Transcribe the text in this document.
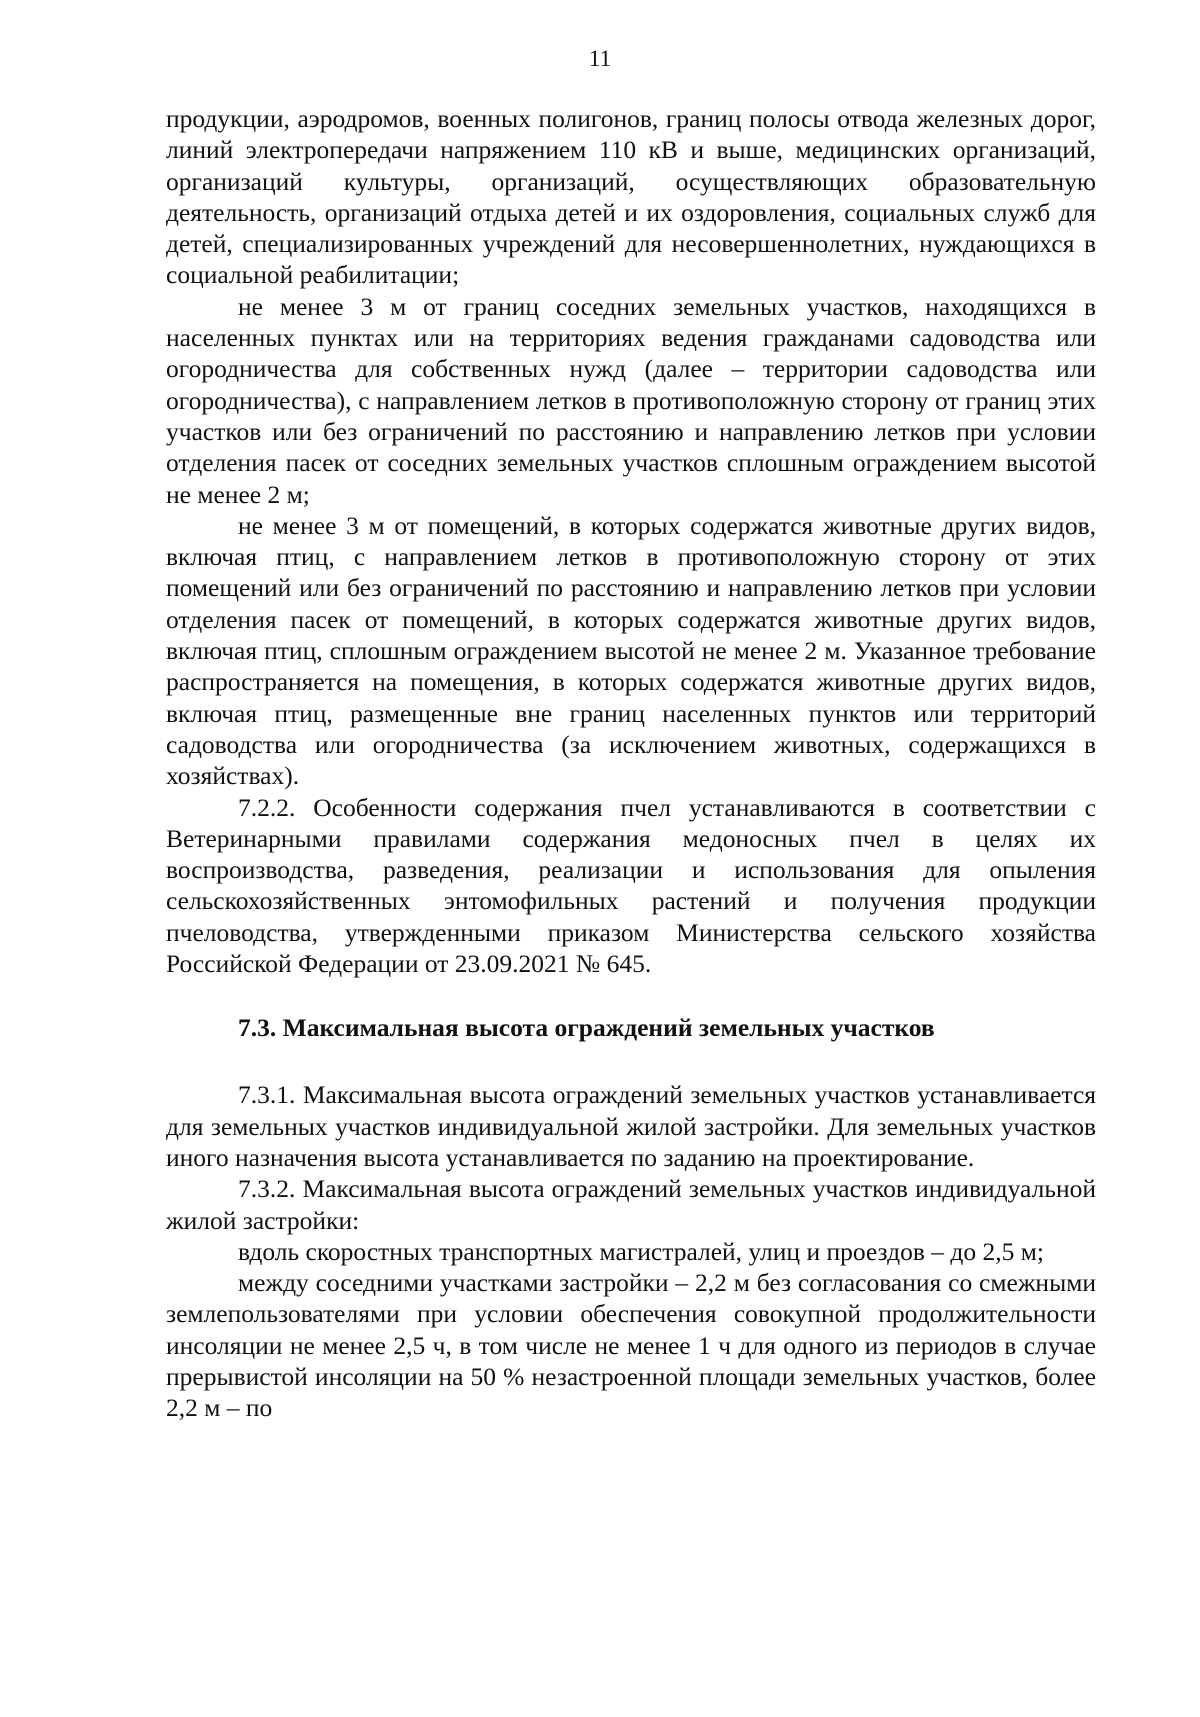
11

продукции, аэродромов, военных полигонов, границ полосы отвода железных дорог, линий электропередачи напряжением 110 кВ и выше, медицинских организаций, организаций культуры, организаций, осуществляющих образовательную деятельность, организаций отдыха детей и их оздоровления, социальных служб для детей, специализированных учреждений для несовершеннолетних, нуждающихся в социальной реабилитации;

не менее 3 м от границ соседних земельных участков, находящихся в населенных пунктах или на территориях ведения гражданами садоводства или огородничества для собственных нужд (далее – территории садоводства или огородничества), с направлением летков в противоположную сторону от границ этих участков или без ограничений по расстоянию и направлению летков при условии отделения пасек от соседних земельных участков сплошным ограждением высотой не менее 2 м;

не менее 3 м от помещений, в которых содержатся животные других видов, включая птиц, с направлением летков в противоположную сторону от этих помещений или без ограничений по расстоянию и направлению летков при условии отделения пасек от помещений, в которых содержатся животные других видов, включая птиц, сплошным ограждением высотой не менее 2 м. Указанное требование распространяется на помещения, в которых содержатся животные других видов, включая птиц, размещенные вне границ населенных пунктов или территорий садоводства или огородничества (за исключением животных, содержащихся в хозяйствах).

7.2.2. Особенности содержания пчел устанавливаются в соответствии с Ветеринарными правилами содержания медоносных пчел в целях их воспроизводства, разведения, реализации и использования для опыления сельскохозяйственных энтомофильных растений и получения продукции пчеловодства, утвержденными приказом Министерства сельского хозяйства Российской Федерации от 23.09.2021 № 645.

7.3. Максимальная высота ограждений земельных участков

7.3.1. Максимальная высота ограждений земельных участков устанавливается для земельных участков индивидуальной жилой застройки. Для земельных участков иного назначения высота устанавливается по заданию на проектирование.

7.3.2. Максимальная высота ограждений земельных участков индивидуальной жилой застройки:

вдоль скоростных транспортных магистралей, улиц и проездов – до 2,5 м;

между соседними участками застройки – 2,2 м без согласования со смежными землепользователями при условии обеспечения совокупной продолжительности инсоляции не менее 2,5 ч, в том числе не менее 1 ч для одного из периодов в случае прерывистой инсоляции на 50 % незастроенной площади земельных участков, более 2,2 м – по
